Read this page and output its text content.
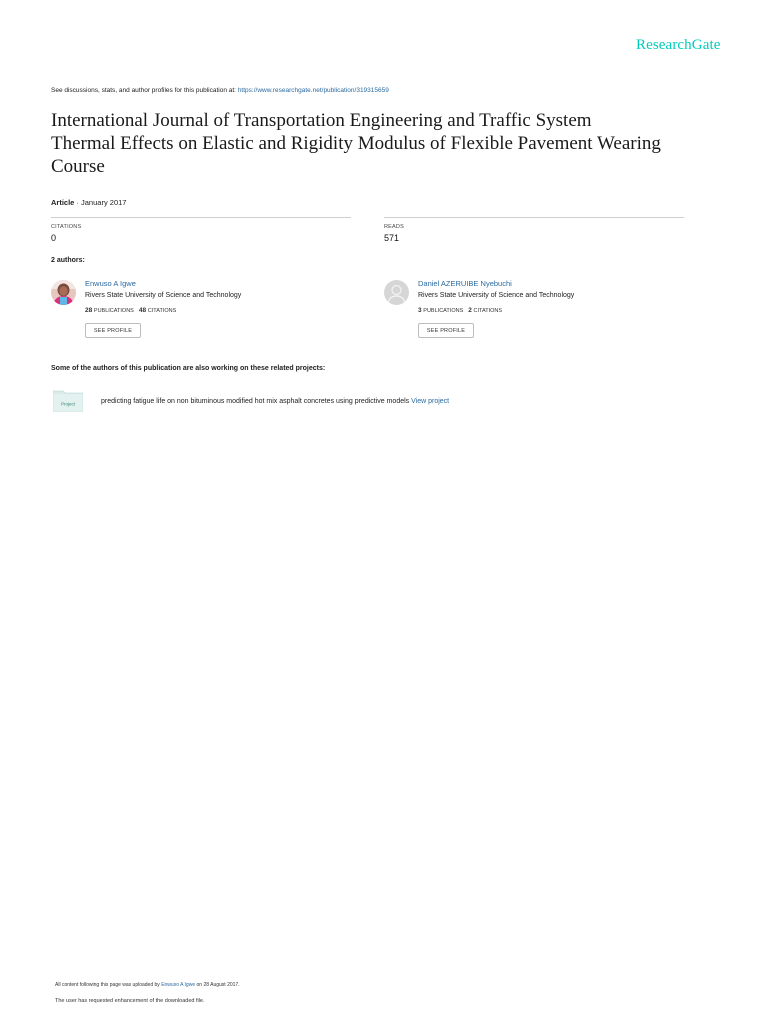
ResearchGate
See discussions, stats, and author profiles for this publication at: https://www.researchgate.net/publication/319315659
International Journal of Transportation Engineering and Traffic System
Thermal Effects on Elastic and Rigidity Modulus of Flexible Pavement Wearing
Course
Article · January 2017
CITATIONS
0
READS
571
2 authors:
Enwuso A Igwe
Rivers State University of Science and Technology
28 PUBLICATIONS 48 CITATIONS
SEE PROFILE
Daniel AZERUIBE Nyebuchi
Rivers State University of Science and Technology
3 PUBLICATIONS 2 CITATIONS
SEE PROFILE
Some of the authors of this publication are also working on these related projects:
Project	predicting fatigue life on non bituminous modified hot mix asphalt concretes using predictive models View project
All content following this page was uploaded by Enwuso A Igwe on 28 August 2017.
The user has requested enhancement of the downloaded file.
